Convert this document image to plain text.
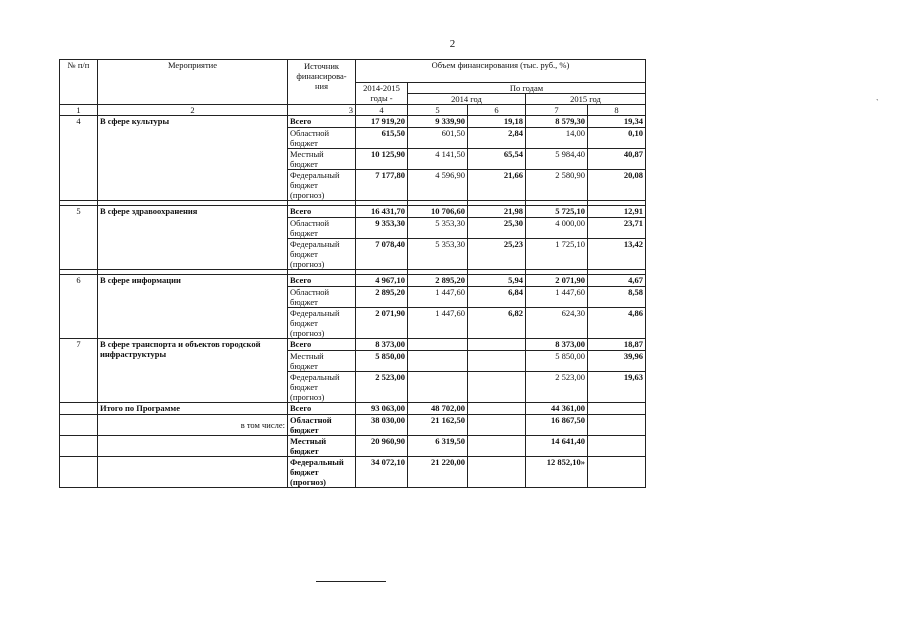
2
`
№ п/п	Мероприятие	Источник финансирова-ния	Объем финансирования (тыс. руб., %)				
			2014-2015 годы -	По годам			
				2014 год		2015 год	
1	2	3	4	5	6	7	8
4	В сфере культуры	Всего	17 919,20	9 339,90	19,18	8 579,30	19,34
		Областной бюджет	615,50	601,50	2,84	14,00	0,10
		Местный бюджет	10 125,90	4 141,50	65,54	5 984,40	40,87
		Федеральный бюджет (прогноз)	7 177,80	4 596,90	21,66	2 580,90	20,08

5	В сфере здравоохранения	Всего	16 431,70	10 706,60	21,98	5 725,10	12,91
		Областной бюджет	9 353,30	5 353,30	25,30	4 000,00	23,71
		Федеральный бюджет (прогноз)	7 078,40	5 353,30	25,23	1 725,10	13,42

6	В сфере информации	Всего	4 967,10	2 895,20	5,94	2 071,90	4,67
		Областной бюджет	2 895,20	1 447,60	6,84	1 447,60	8,58
		Федеральный бюджет (прогноз)	2 071,90	1 447,60	6,82	624,30	4,86
7	В сфере транспорта и объектов городской инфраструктуры	Всего	8 373,00			8 373,00	18,87
		Местный бюджет	5 850,00			5 850,00	39,96
		Федеральный бюджет (прогноз)	2 523,00			2 523,00	19,63
	Итого по Программе	Всего	93 063,00	48 702,00		44 361,00	
	в том числе:	Областной бюджет	38 030,00	21 162,50		16 867,50	
		Местный бюджет	20 960,90	6 319,50		14 641,40	
		Федеральный бюджет (прогноз)	34 072,10	21 220,00		12 852,10»	
